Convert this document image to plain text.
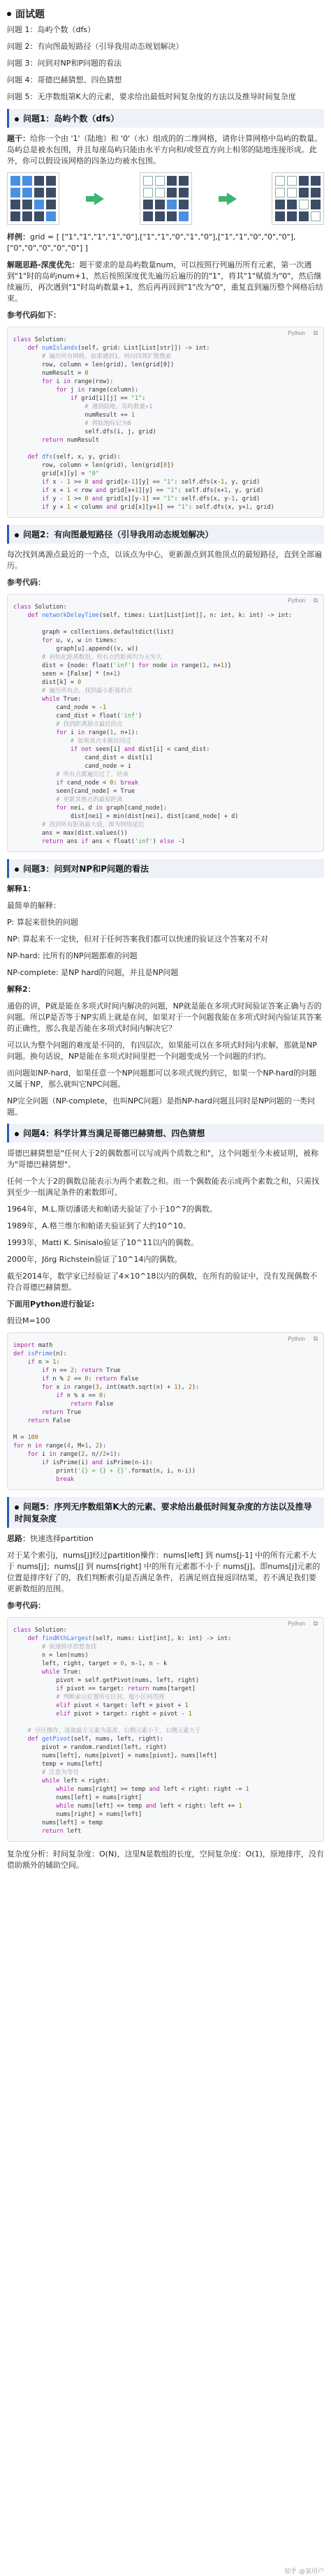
面试题

问题 1：岛屿个数（dfs）

问题 2：有向图最短路径（引导我用动态规划解决）

问题 3：问到对NP和P问题的看法

问题 4：哥德巴赫猜想、四色猜想

问题 5：无序数组第K大的元素，要求给出最低时间复杂度的方法以及推导时间复杂度

问题1：岛屿个数（dfs）

题干：给你一个由 '1'（陆地）和 '0'（水）组成的的二维网格，请你计算网格中岛屿的数量。岛屿总是被水包围，并且每座岛屿只能由水平方向和/或竖直方向上相邻的陆地连接形成。此外，你可以假设该网格的四条边均被水包围。

样例：grid = [ ["1","1","1","1","0"],["1","1","0","1","0"],["1","1","0","0","0"],["0","0","0","0","0"] ]

解题思路-深度优先：题干要求的是岛屿数量num，可以按照行列遍历所有元素，第一次遇到"1"时的岛屿num+1，然后按照深度优先遍历后遍历的的"1"，将其"1"赋值为"0"，然后继续遍历，再次遇到"1"时岛屿数量+1，然后再再回到"1"改为"0"，重复直到遍历整个网格后结束。

参考代码如下：

Python ⧉
class Solution:
def numIslands(self, grid: List[List[str]]) -> int:
# 遍历所有网格，如果遇到1，则向四周扩散搜索
row, column = len(grid), len(grid[0])
numResult = 0
for i in range(row):
for j in range(column):
if grid[i][j] == "1":
# 遇到陆地，岛屿数量+1
numResult += 1
# 将陆地标记为0
self.dfs(i, j, grid)
return numResult

def dfs(self, x, y, grid):
row, column = len(grid), len(grid[0])
grid[x][y] = "0"
if x - 1 >= 0 and grid[x-1][y] == "1": self.dfs(x-1, y, grid)
if x + 1 < row and grid[x+1][y] == "1": self.dfs(x+1, y, grid)
if y - 1 >= 0 and grid[x][y-1] == "1": self.dfs(x, y-1, grid)
if y + 1 < column and grid[x][y+1] == "1": self.dfs(x, y+1, grid)
问题2：有向图最短路径（引导我用动态规划解决）

每次找到离源点最近的一个点，以该点为中心，更新源点到其他顶点的最短路径，直到全部遍历。

参考代码：

Python ⧉
class Solution:
def networkDelayTime(self, times: List[List[int]], n: int, k: int) -> int:

graph = collections.defaultdict(list)
for u, v, w in times:
graph[u].append((v, w))
# 初始化距离数组，所有点的距离均为无穷大
dist = {node: float('inf') for node in range(1, n+1)}
seen = [False] * (n+1)
dist[k] = 0
# 遍历所有点，找到最小距离的点
while True:
cand_node = -1
cand_dist = float('inf')
# 找到距离源点最近的点
for i in range(1, n+1):
# 如果该点未被访问过
if not seen[i] and dist[i] < cand_dist:
cand_dist = dist[i]
cand_node = i
# 所有点都遍历过了，结束
if cand_node < 0: break
seen[cand_node] = True
# 更新其他点的最短距离
for nei, d in graph[cand_node]:
dist[nei] = min(dist[nei], dist[cand_node] + d)
# 找到所有距离最大值，即为网络延迟
ans = max(dist.values())
return ans if ans < float('inf') else -1
问题3：问到对NP和P问题的看法

解释1：

最简单的解释：

P: 算起来很快的问题

NP: 算起来不一定快，但对于任何答案我们都可以快速的验证这个答案对不对

NP-hard: 比所有的NP问题都难的问题

NP-complete: 是NP hard的问题，并且是NP问题

解释2：

通俗的讲，P就是能在多项式时间内解决的问题，NP就是能在多项式时间验证答案正确与否的问题。所以P是否等于NP实质上就是在问，如果对于一个问题我能在多项式时间内验证其答案的正确性，那么我是否能在多项式时间内解决它？

可以认为整个问题的难度是不同的，有四层次，如果能可以在多项式时间内求解，那就是NP问题。换句话说，NP是能在多项式时间里把一个问题变成另一个问题的归约。

而问题如NP-hard，如果任意一个NP问题都可以多项式规约到它，如果一个NP-hard的问题又属于NP，那么就叫它NPC问题。

NP完全问题（NP-complete，也叫NPC问题）是指NP-hard问题且同时是NP问题的一类问题。

问题4：科学计算当满足哥德巴赫猜想、四色猜想

哥德巴赫猜想是"任何大于2的偶数都可以写成两个质数之和"，这个问题至今未被证明，被称为"哥德巴赫猜想"。

任何一个大于2的偶数总能表示为两个素数之和。而一个偶数能表示成两个素数之和，只需找到至少一组满足条件的素数即可。

1964年，M.L.斯切潘诺夫和帕诺夫验证了小于10^7的偶数。

1989年，A.格兰维尔和帕诺夫验证到了大约10^10。

1993年，Matti K. Sinisalo验证了10^11以内的偶数。

2000年，Jörg Richstein验证了10^14内的偶数。

截至2014年，数学家已经验证了4×10^18以内的偶数，在所有的验证中，没有发现偶数不符合哥德巴赫猜想。

下面用Python进行验证:

假设M=100

Python ⧉
import math
def isPrime(n):
if n > 1:
if n == 2: return True
if n % 2 == 0: return False
for x in range(3, int(math.sqrt(n) + 1), 2):
if n % x == 0:
return False
return True
return False

M = 100
for n in range(4, M+1, 2):
for i in range(2, n//2+1):
if isPrime(i) and isPrime(n-i):
print('{} = {} + {}'.format(n, i, n-i))
break
问题5：序列无序数组第K大的元素、要求给出最低时间复杂度的方法以及推导时间复杂度

思路：快速选择partition

对于某个索引j，nums[j]经过partition操作：nums[left] 到 nums[j-1] 中的所有元素不大于 nums[j]；nums[j] 到 nums[right] 中的所有元素都不小于 nums[j]。即nums[j]元素的位置是排序好了的，我们判断索引j是否满足条件，若满足则直接返回结果，若不满足我们要更新数组的范围。

参考代码：

Python ⧉
class Solution:
def findKthLargest(self, nums: List[int], k: int) -> int:
# 快速排序思想查找
n = len(nums)
left, right, target = 0, n-1, n - k
while True:
pivot = self.getPivot(nums, left, right)
if pivot == target: return nums[target]
# 判断索引位置所在区间，缩小区间范围
elif pivot < target: left = pivot + 1
elif pivot > target: right = pivot - 1

# 分区操作，选取最左元素为基准，右侧元素小于，右侧元素大于
def getPivot(self, nums, left, right):
pivot = random.randint(left, right)
nums[left], nums[pivot] = nums[pivot], nums[left]
temp = nums[left]
# 注意为等号
while left < right:
while nums[right] >= temp and left < right: right -= 1
nums[left] = nums[right]
while nums[left] <= temp and left < right: left += 1
nums[right] = nums[left]
nums[left] = temp
return left

复杂度分析：时间复杂度：O(N)，这里N是数组的长度，空间复杂度：O(1)，原地排序，没有借助额外的辅助空间。

知乎 @某用户
